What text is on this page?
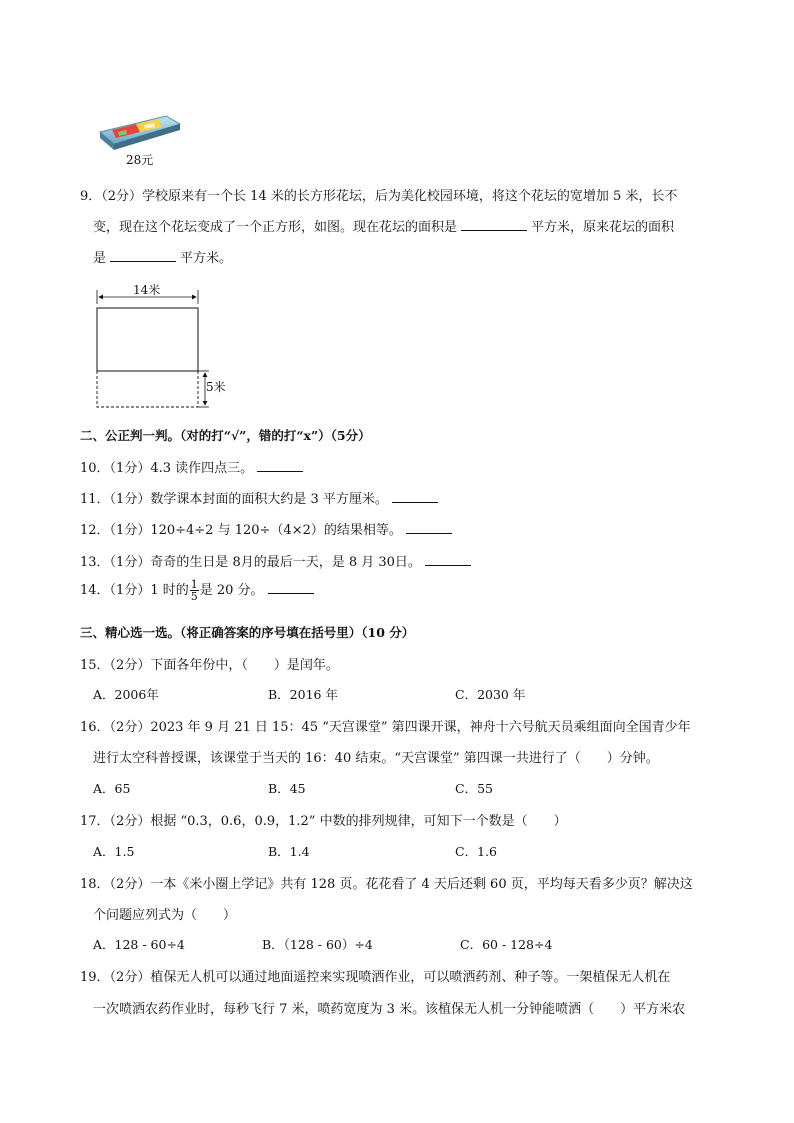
28元
9．（2分）学校原来有一个长 14 米的长方形花坛，后为美化校园环境，将这个花坛的宽增加 5 米，长不
变，现在这个花坛变成了一个正方形，如图。现在花坛的面积是	平方米，原来花坛的面积
是	平方米。
14米
5米
二、公正判一判。（对的打“√”，错的打“x”）（5分）
10．（1分）4.3 读作四点三。
11．（1分）数学课本封面的面积大约是 3 平方厘米。
12．（1分）120÷4÷2 与 120÷（4×2）的结果相等。
13．（1分）奇奇的生日是 8月的最后一天，是 8 月 30日。
14．（1分）1 时的 $\frac{1}{5}$ 是 20 分。
三、精心选一选。（将正确答案的序号填在括号里）（10 分）
15．（2分）下面各年份中，（　　）是闰年。
A．2006年	B．2016 年	C．2030 年
16．（2分）2023 年 9 月 21 日 15：45 “天宫课堂” 第四课开课，神舟十六号航天员乘组面向全国青少年
进行太空科普授课，该课堂于当天的 16：40 结束。“天宫课堂” 第四课一共进行了（　　）分钟。
A．65	B．45	C．55
17．（2分）根据 “0.3，0.6，0.9，1.2” 中数的排列规律，可知下一个数是（　　）
A．1.5	B．1.4	C．1.6
18．（2分）一本《米小圈上学记》共有 128 页。花花看了 4 天后还剩 60 页，平均每天看多少页？解决这
个问题应列式为（　　）
A．128 - 60÷4	B．（128 - 60）÷4	C．60 - 128÷4
19．（2分）植保无人机可以通过地面遥控来实现喷洒作业，可以喷洒药剂、种子等。一架植保无人机在
一次喷洒农药作业时，每秒飞行 7 米，喷药宽度为 3 米。该植保无人机一分钟能喷洒（　　）平方米农
